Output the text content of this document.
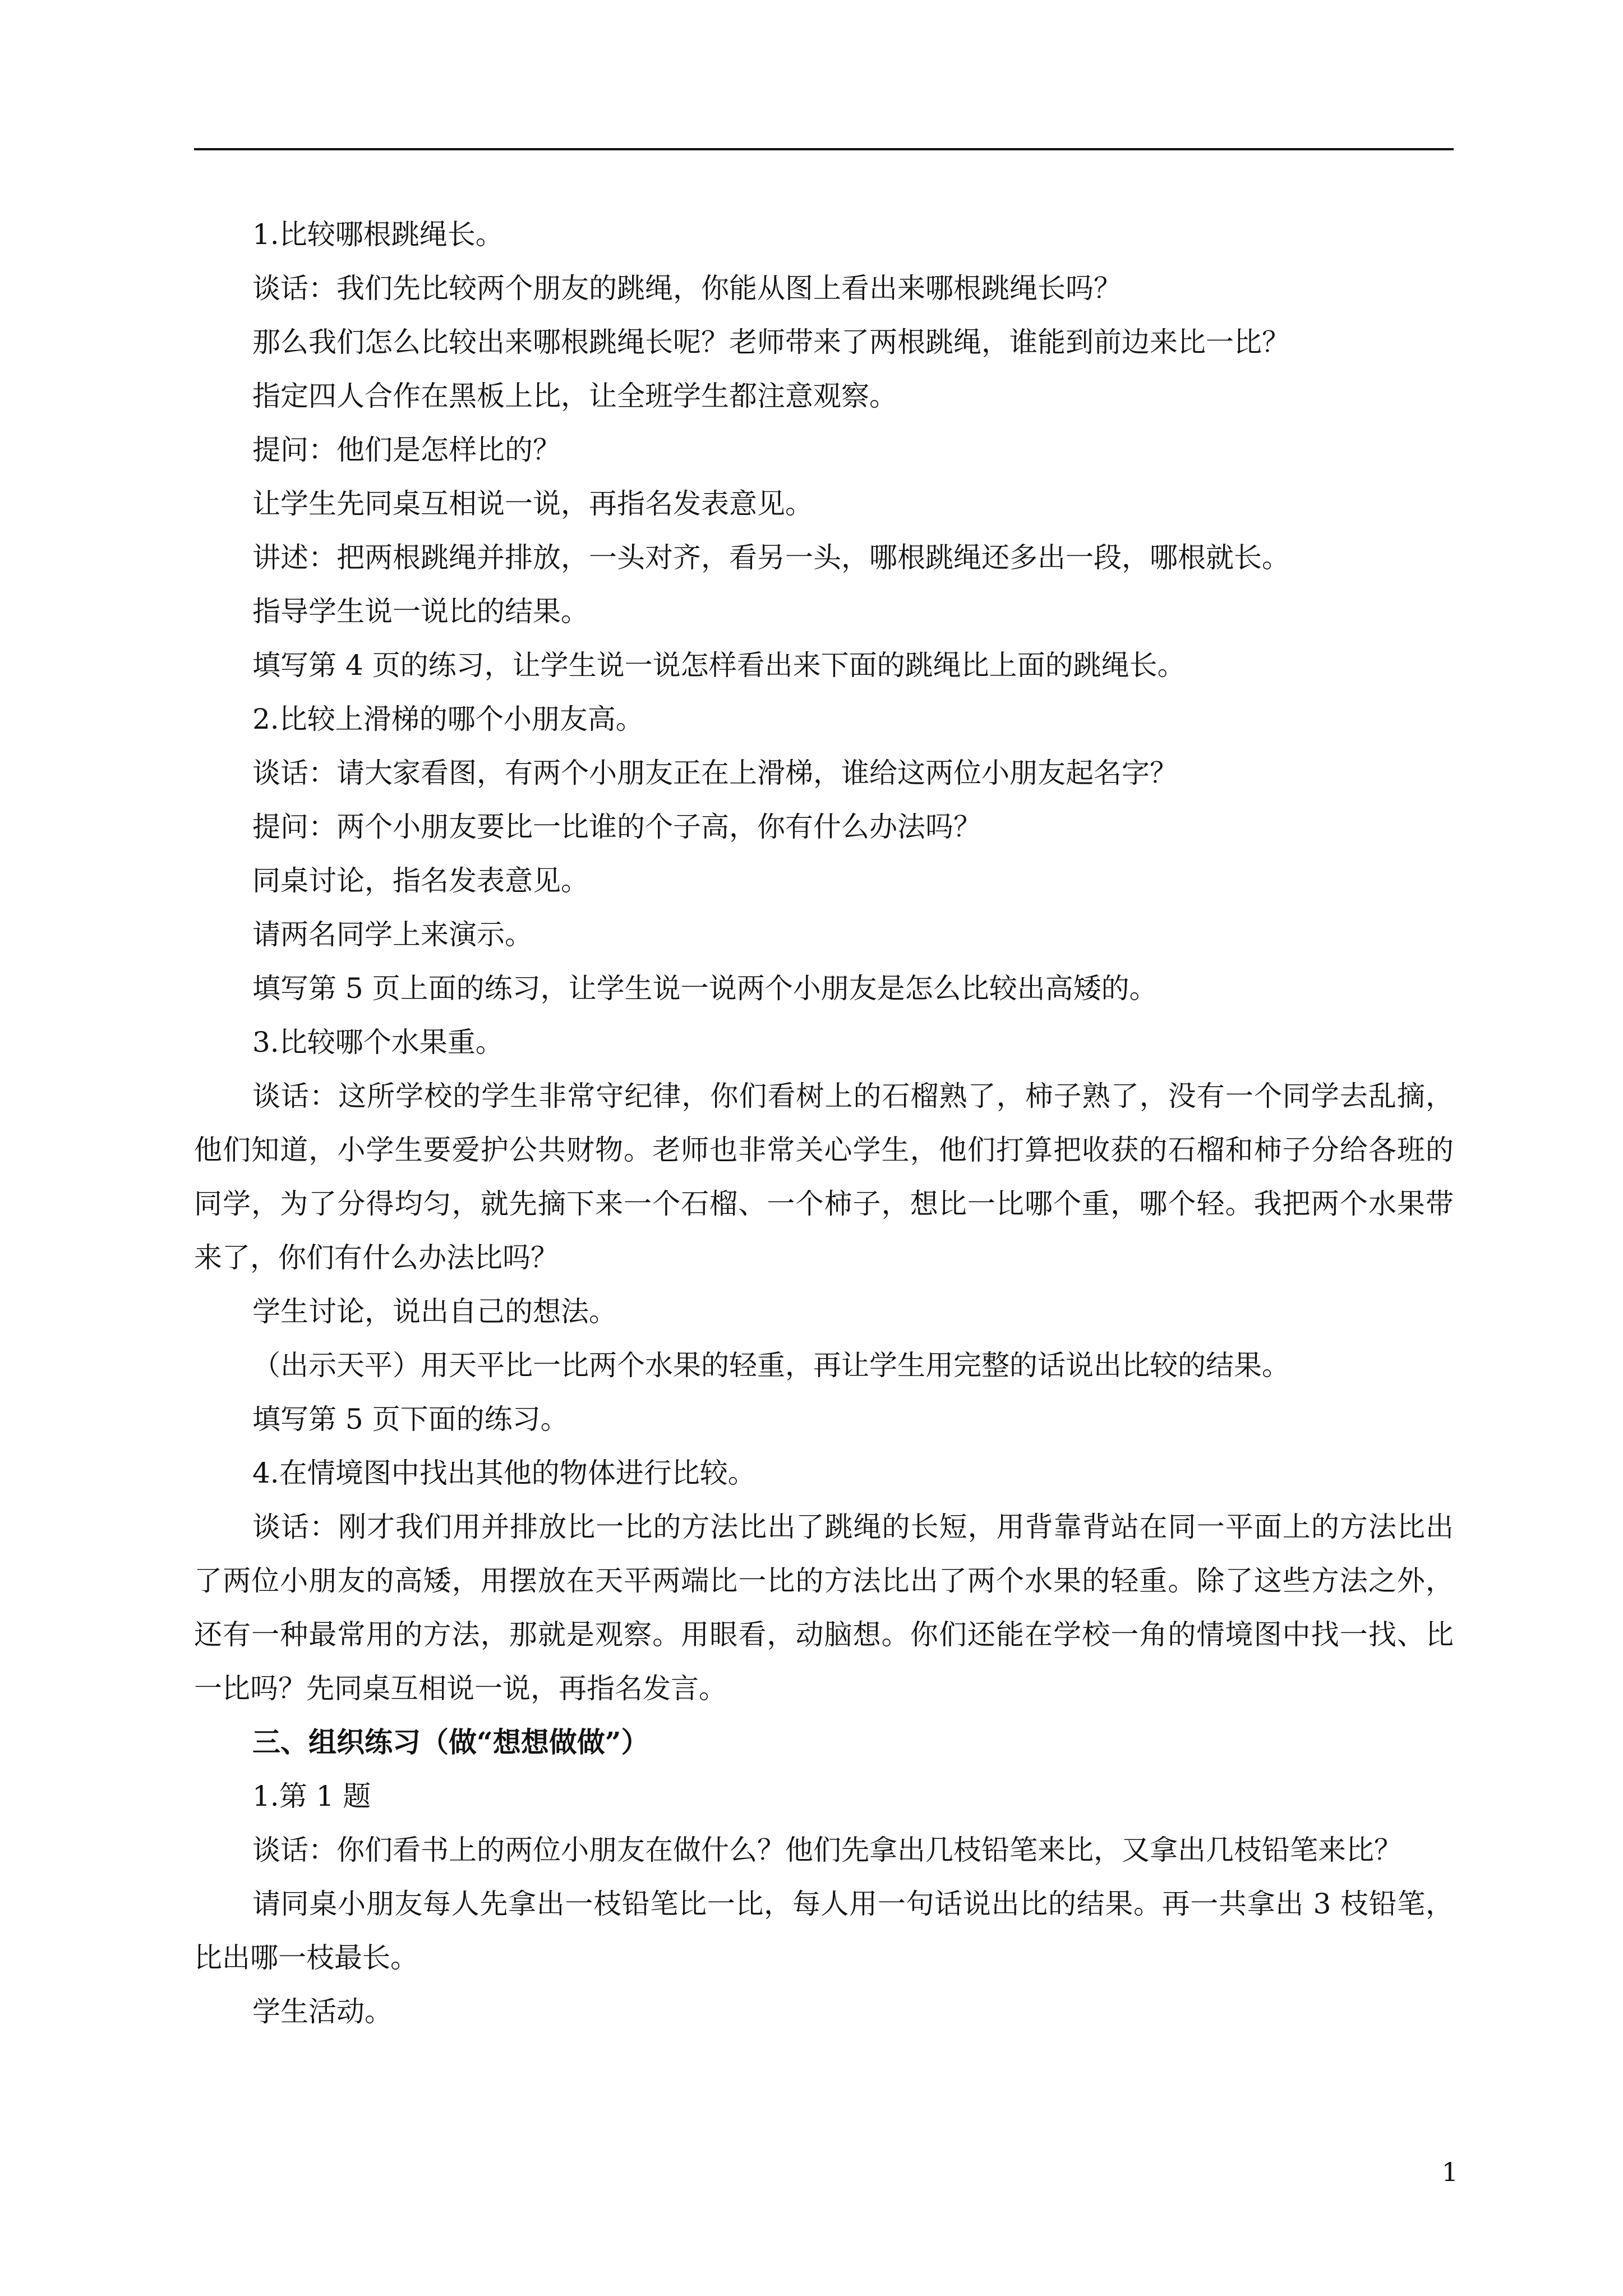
1.比较哪根跳绳长。

谈话：我们先比较两个朋友的跳绳，你能从图上看出来哪根跳绳长吗？

那么我们怎么比较出来哪根跳绳长呢？老师带来了两根跳绳，谁能到前边来比一比？

指定四人合作在黑板上比，让全班学生都注意观察。

提问：他们是怎样比的？

让学生先同桌互相说一说，再指名发表意见。

讲述：把两根跳绳并排放，一头对齐，看另一头，哪根跳绳还多出一段，哪根就长。

指导学生说一说比的结果。

填写第 4 页的练习，让学生说一说怎样看出来下面的跳绳比上面的跳绳长。

2.比较上滑梯的哪个小朋友高。

谈话：请大家看图，有两个小朋友正在上滑梯，谁给这两位小朋友起名字？

提问：两个小朋友要比一比谁的个子高，你有什么办法吗？

同桌讨论，指名发表意见。

请两名同学上来演示。

填写第 5 页上面的练习，让学生说一说两个小朋友是怎么比较出高矮的。

3.比较哪个水果重。

谈话：这所学校的学生非常守纪律，你们看树上的石榴熟了，柿子熟了，没有一个同学去乱摘，他们知道，小学生要爱护公共财物。老师也非常关心学生，他们打算把收获的石榴和柿子分给各班的同学，为了分得均匀，就先摘下来一个石榴、一个柿子，想比一比哪个重，哪个轻。我把两个水果带来了，你们有什么办法比吗？

学生讨论，说出自己的想法。

（出示天平）用天平比一比两个水果的轻重，再让学生用完整的话说出比较的结果。

填写第 5 页下面的练习。

4.在情境图中找出其他的物体进行比较。

谈话：刚才我们用并排放比一比的方法比出了跳绳的长短，用背靠背站在同一平面上的方法比出了两位小朋友的高矮，用摆放在天平两端比一比的方法比出了两个水果的轻重。除了这些方法之外，还有一种最常用的方法，那就是观察。用眼看，动脑想。你们还能在学校一角的情境图中找一找、比一比吗？先同桌互相说一说，再指名发言。

三、组织练习（做“想想做做”）

1.第 1 题

谈话：你们看书上的两位小朋友在做什么？他们先拿出几枝铅笔来比，又拿出几枝铅笔来比？

请同桌小朋友每人先拿出一枝铅笔比一比，每人用一句话说出比的结果。再一共拿出 3 枝铅笔，比出哪一枝最长。

学生活动。

1
